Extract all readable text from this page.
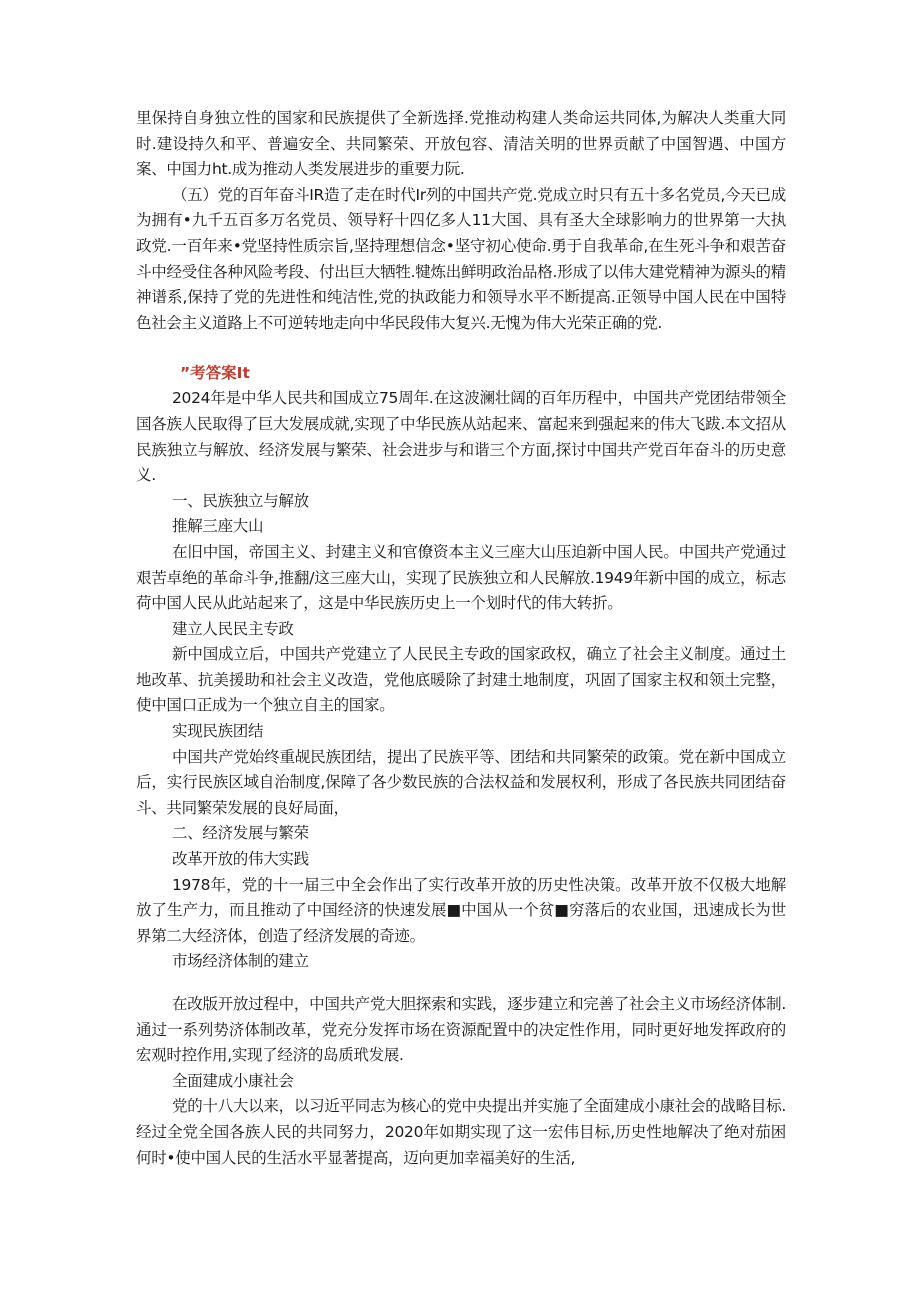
里保持自身独立性的国家和民族提供了全新选择.党推动构建人类命运共同体,为解决人类重大同时.建设持久和平、普遍安全、共同繁荣、开放包容、清洁关明的世界贡献了中国智遇、中国方案、中国力ht.成为推动人类发展进步的重要力阮.

（五）党的百年奋斗IR造了走在时代Ir列的中国共产党.党成立时只有五十多名党员,今天已成为拥有•九千五百多万名党员、领导籽十四亿多人11大国、具有圣大全球影响力的世界第一大执政党.一百年来•党坚持性质宗旨,坚持理想信念•坚守初心使命.勇于自我革命,在生死斗争和艰苦奋斗中经受住各种风险考段、付出巨大牺牲.犍炼出鲜明政治品格.形成了以伟大建党精神为源头的精神谱系,保持了党的先进性和纯洁性,党的执政能力和领导水平不断提高.正领导中国人民在中国特色社会主义道路上不可逆转地走向中华民段伟大复兴.无愧为伟大光荣正确的党.

”考答案It

2024年是中华人民共和国成立75周年.在这波澜壮阔的百年历程中，中国共产党团结带领全国各族人民取得了巨大发展成就,实现了中华民族从站起来、富起来到强起来的伟大飞跋.本文招从民族独立与解放、经济发展与繁荣、社会进步与和谐三个方面,探讨中国共产党百年奋斗的历史意义.

一、民族独立与解放

推解三座大山

在旧中国，帝国主义、封建主义和官僚资本主义三座大山压迫新中国人民。中国共产党通过艰苦卓绝的革命斗争,推翻/这三座大山，实现了民族独立和人民解放.1949年新中国的成立，标志荷中国人民从此站起来了，这是中华民族历史上一个划时代的伟大转折。

建立人民民主专政

新中国成立后，中国共产党建立了人民民主专政的国家政权，确立了社会主义制度。通过土地改革、抗美援助和社会主义改造，党他底暖除了封建土地制度，巩固了国家主权和领土完整，使中国口正成为一个独立自主的国家。

实现民族团结

中国共产党始终重觇民族团结，提出了民族平等、团结和共同繁荣的政策。党在新中国成立后，实行民族区域自治制度,保障了各少数民族的合法权益和发展权利，形成了各民族共同团结奋斗、共同繁荣发展的良好局面，

二、经济发展与繁荣

改革开放的伟大实践

1978年，党的十一届三中全会作出了实行改革开放的历史性决策。改革开放不仅极大地解放了生产力，而且推动了中国经济的快速发展■中国从一个贫■穷落后的农业国，迅速成长为世界第二大经济体，创造了经济发展的奇迹。

市场经济体制的建立

在改版开放过程中，中国共产党大胆探索和实践，逐步建立和完善了社会主义市场经济体制.通过一系列势济体制改革，党充分发挥市场在资源配置中的决定性作用，同时更好地发挥政府的宏观时控作用,实现了经济的岛质玳发展.

全面建成小康社会

党的十八大以来，以习近平同志为核心的党中央提出并实施了全面建成小康社会的战略目标.经过全党全国各族人民的共同努力，2020年如期实现了这一宏伟目标,历史性地解决了绝对茄困何时•使中国人民的生活水平显著提高，迈向更加幸福美好的生活,
